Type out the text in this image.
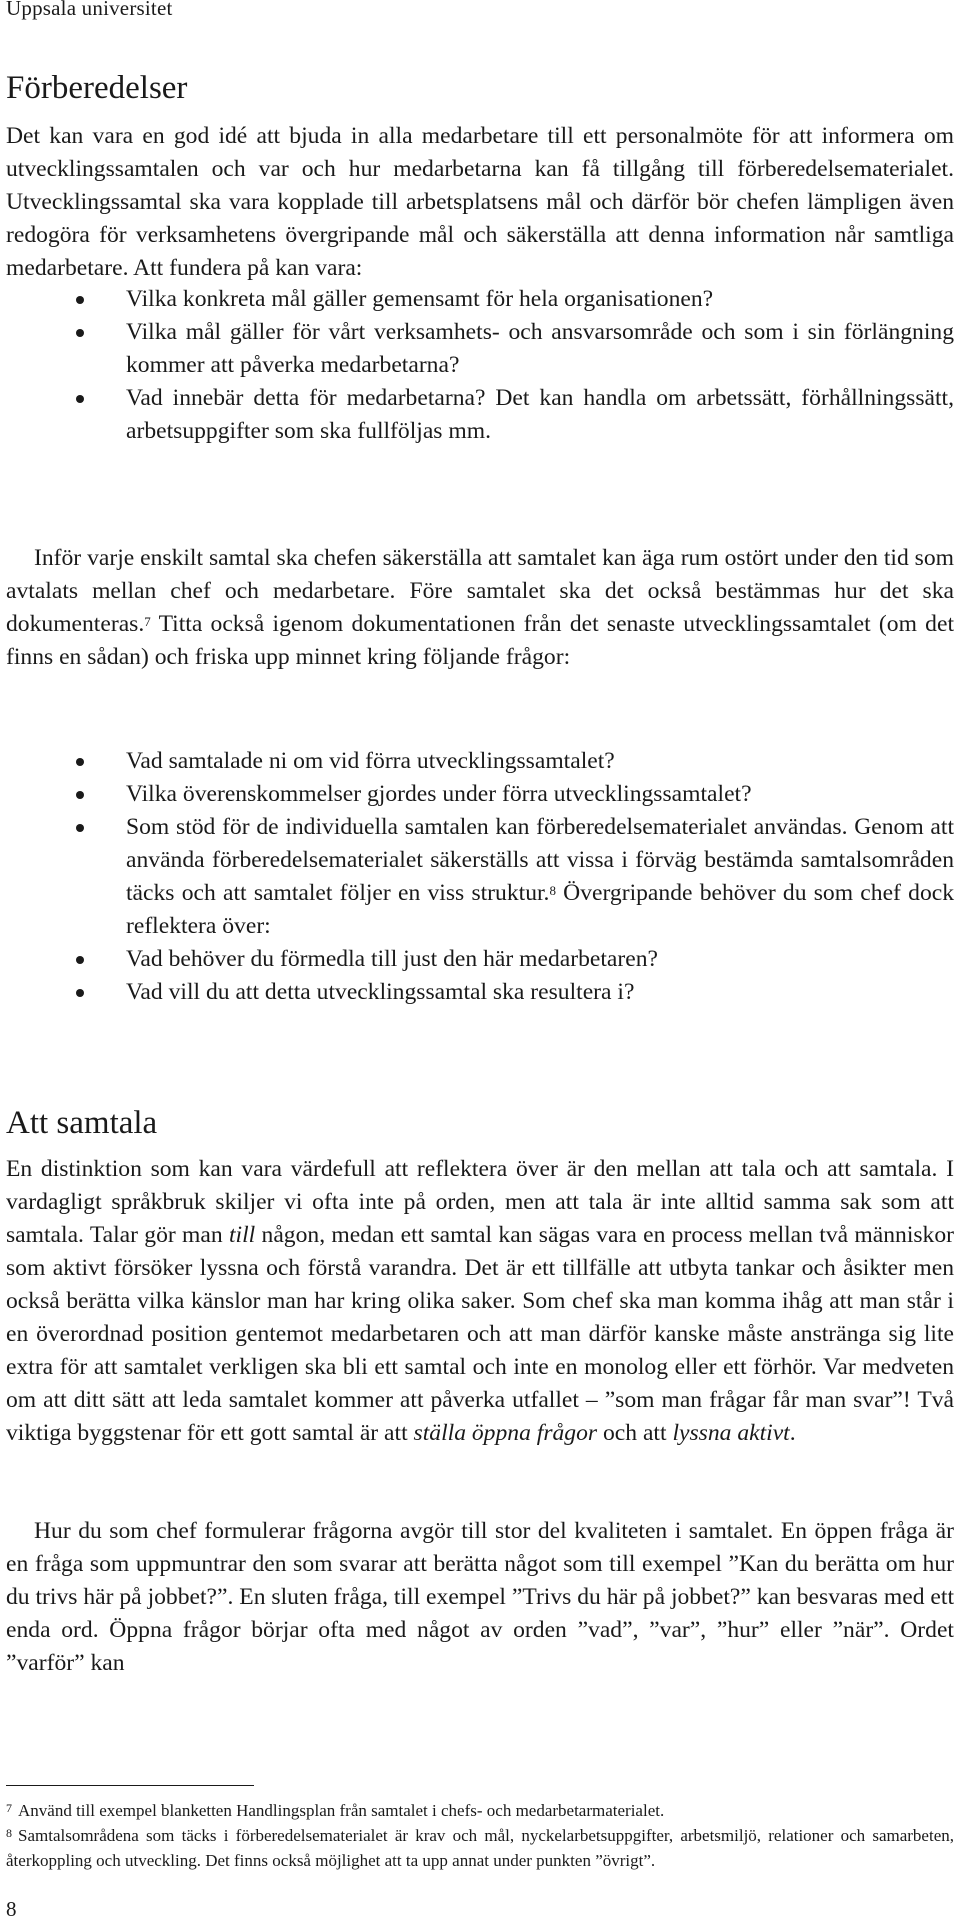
Uppsala universitet
Förberedelser

Det kan vara en god idé att bjuda in alla medarbetare till ett personalmöte för att informera om utvecklingssamtalen och var och hur medarbetarna kan få tillgång till förberedelsematerialet. Utvecklingssamtal ska vara kopplade till arbetsplatsens mål och därför bör chefen lämpligen även redogöra för verksamhetens övergripande mål och säkerställa att denna information når samtliga medarbetare. Att fundera på kan vara:

Vilka konkreta mål gäller gemensamt för hela organisationen?
Vilka mål gäller för vårt verksamhets- och ansvarsområde och som i sin förlängning kommer att påverka medarbetarna?
Vad innebär detta för medarbetarna? Det kan handla om arbetssätt, förhållningssätt, arbetsuppgifter som ska fullföljas mm.

Inför varje enskilt samtal ska chefen säkerställa att samtalet kan äga rum ostört under den tid som avtalats mellan chef och medarbetare. Före samtalet ska det också bestämmas hur det ska dokumenteras.$^7$ Titta också igenom dokumentationen från det senaste utvecklingssamtalet (om det finns en sådan) och friska upp minnet kring följande frågor:

Vad samtalade ni om vid förra utvecklingssamtalet?
Vilka överenskommelser gjordes under förra utvecklingssamtalet?
Som stöd för de individuella samtalen kan förberedelsematerialet användas. Genom att använda förberedelsematerialet säkerställs att vissa i förväg bestämda samtalsområden täcks och att samtalet följer en viss struktur.$^8$ Övergripande behöver du som chef dock reflektera över:
Vad behöver du förmedla till just den här medarbetaren?
Vad vill du att detta utvecklingssamtal ska resultera i?
Att samtala

En distinktion som kan vara värdefull att reflektera över är den mellan att tala och att samtala. I vardagligt språkbruk skiljer vi ofta inte på orden, men att tala är inte alltid samma sak som att samtala. Talar gör man till någon, medan ett samtal kan sägas vara en process mellan två människor som aktivt försöker lyssna och förstå varandra. Det är ett tillfälle att utbyta tankar och åsikter men också berätta vilka känslor man har kring olika saker. Som chef ska man komma ihåg att man står i en överordnad position gentemot medarbetaren och att man därför kanske måste anstränga sig lite extra för att samtalet verkligen ska bli ett samtal och inte en monolog eller ett förhör. Var medveten om att ditt sätt att leda samtalet kommer att påverka utfallet – ”som man frågar får man svar”! Två viktiga byggstenar för ett gott samtal är att ställa öppna frågor och att lyssna aktivt.

Hur du som chef formulerar frågorna avgör till stor del kvaliteten i samtalet. En öppen fråga är en fråga som uppmuntrar den som svarar att berätta något som till exempel ”Kan du berätta om hur du trivs här på jobbet?”. En sluten fråga, till exempel ”Trivs du här på jobbet?” kan besvaras med ett enda ord. Öppna frågor börjar ofta med något av orden ”vad”, ”var”, ”hur” eller ”när”. Ordet ”varför” kan

$^7$ Använd till exempel blanketten Handlingsplan från samtalet i chefs- och medarbetarmaterialet.

$^8$ Samtalsområdena som täcks i förberedelsematerialet är krav och mål, nyckelarbetsuppgifter, arbetsmiljö, relationer och samarbeten, återkoppling och utveckling. Det finns också möjlighet att ta upp annat under punkten ”övrigt”.

8
